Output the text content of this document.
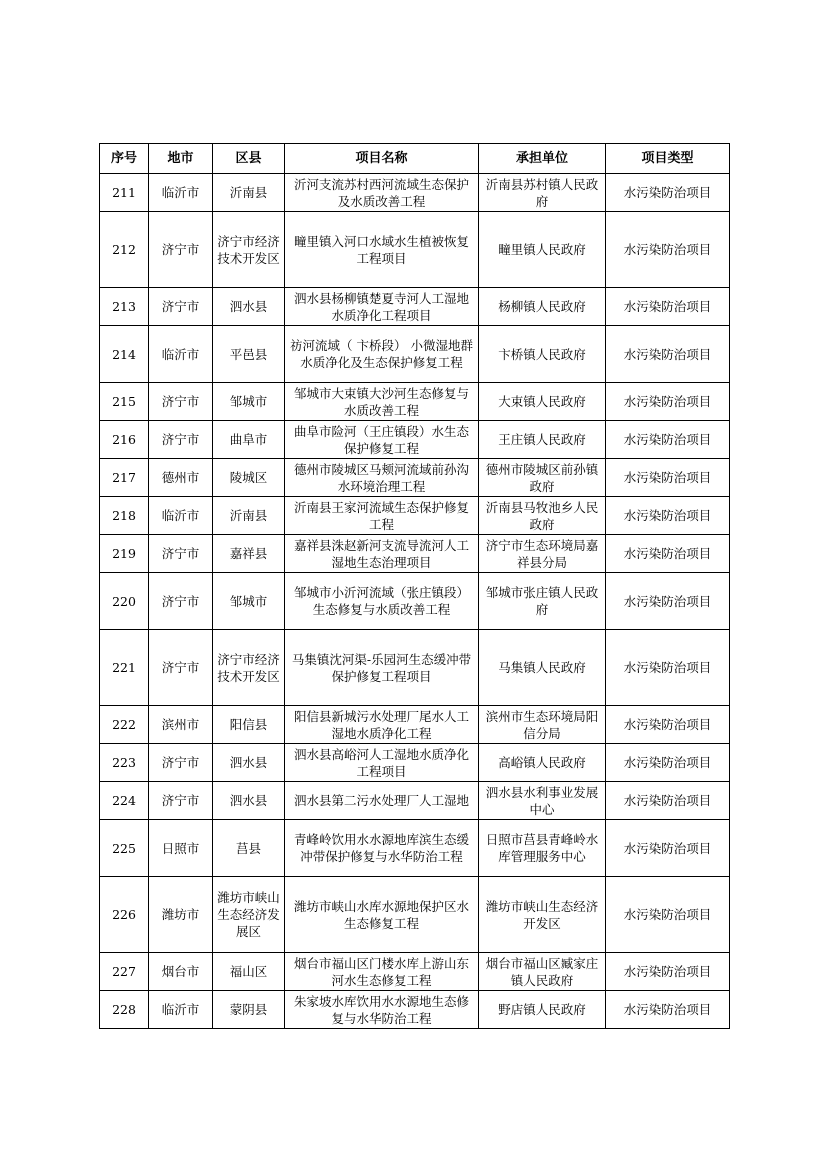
序号	地市	区县	项目名称	承担单位	项目类型
211	临沂市	沂南县	沂河支流苏村西河流域生态保护及水质改善工程	沂南县苏村镇人民政府	水污染防治项目
212	济宁市	济宁市经济技术开发区	疃里镇入河口水域水生植被恢复工程项目	疃里镇人民政府	水污染防治项目
213	济宁市	泗水县	泗水县杨柳镇楚夏寺河人工湿地水质净化工程项目	杨柳镇人民政府	水污染防治项目
214	临沂市	平邑县	祊河流域（ 卞桥段） 小微湿地群水质净化及生态保护修复工程	卞桥镇人民政府	水污染防治项目
215	济宁市	邹城市	邹城市大束镇大沙河生态修复与水质改善工程	大束镇人民政府	水污染防治项目
216	济宁市	曲阜市	曲阜市险河（王庄镇段）水生态保护修复工程	王庄镇人民政府	水污染防治项目
217	德州市	陵城区	德州市陵城区马颊河流域前孙沟水环境治理工程	德州市陵城区前孙镇政府	水污染防治项目
218	临沂市	沂南县	沂南县王家河流域生态保护修复工程	沂南县马牧池乡人民政府	水污染防治项目
219	济宁市	嘉祥县	嘉祥县洙赵新河支流导流河人工湿地生态治理项目	济宁市生态环境局嘉祥县分局	水污染防治项目
220	济宁市	邹城市	邹城市小沂河流域（张庄镇段）生态修复与水质改善工程	邹城市张庄镇人民政府	水污染防治项目
221	济宁市	济宁市经济技术开发区	马集镇沈河渠-乐园河生态缓冲带保护修复工程项目	马集镇人民政府	水污染防治项目
222	滨州市	阳信县	阳信县新城污水处理厂尾水人工湿地水质净化工程	滨州市生态环境局阳信分局	水污染防治项目
223	济宁市	泗水县	泗水县高峪河人工湿地水质净化工程项目	高峪镇人民政府	水污染防治项目
224	济宁市	泗水县	泗水县第二污水处理厂人工湿地	泗水县水利事业发展中心	水污染防治项目
225	日照市	莒县	青峰岭饮用水水源地库滨生态缓冲带保护修复与水华防治工程	日照市莒县青峰岭水库管理服务中心	水污染防治项目
226	潍坊市	潍坊市峡山生态经济发展区	潍坊市峡山水库水源地保护区水生态修复工程	潍坊市峡山生态经济开发区	水污染防治项目
227	烟台市	福山区	烟台市福山区门楼水库上游山东河水生态修复工程	烟台市福山区臧家庄镇人民政府	水污染防治项目
228	临沂市	蒙阴县	朱家坡水库饮用水水源地生态修复与水华防治工程	野店镇人民政府	水污染防治项目
